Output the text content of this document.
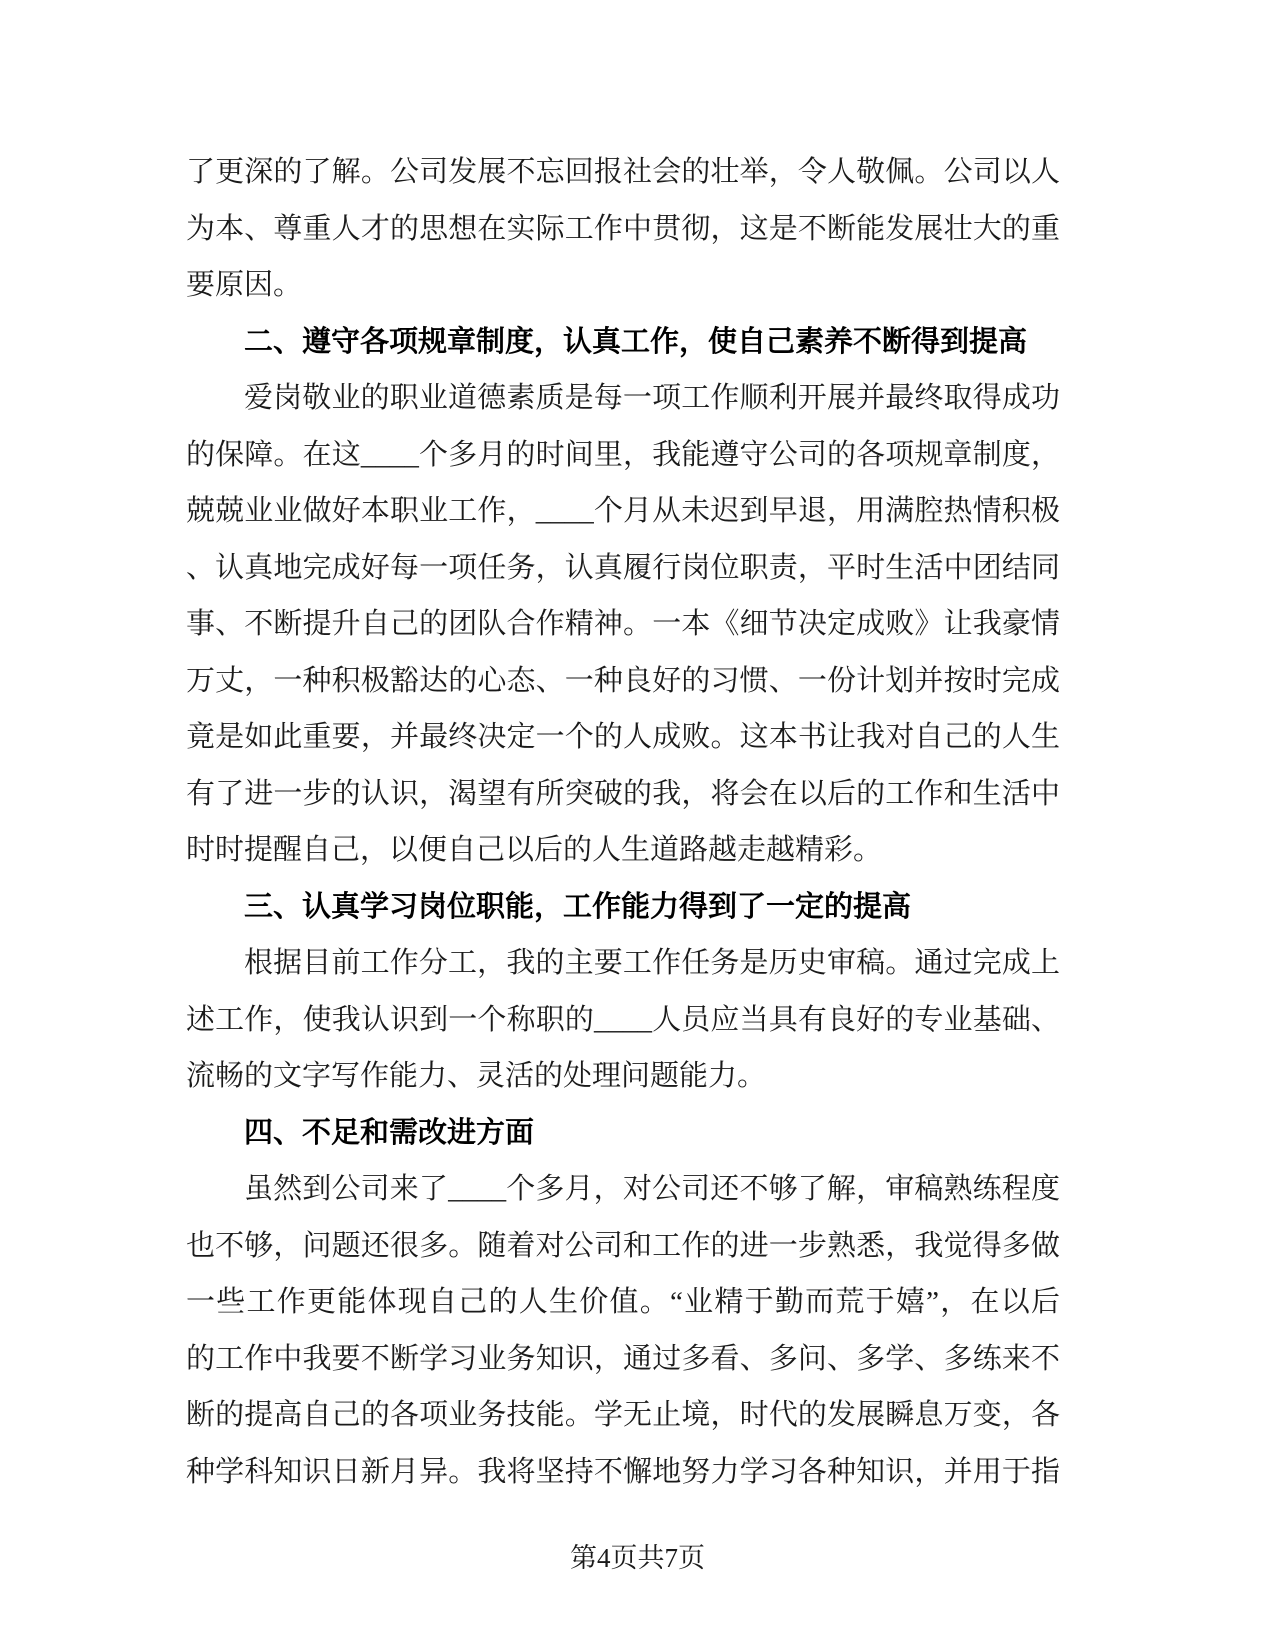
了更深的了解。公司发展不忘回报社会的壮举，令人敬佩。公司以人
为本、尊重人才的思想在实际工作中贯彻，这是不断能发展壮大的重
要原因。
二、遵守各项规章制度，认真工作，使自己素养不断得到提高
爱岗敬业的职业道德素质是每一项工作顺利开展并最终取得成功
的保障。在这____个多月的时间里，我能遵守公司的各项规章制度，
兢兢业业做好本职业工作，____个月从未迟到早退，用满腔热情积极
、认真地完成好每一项任务，认真履行岗位职责，平时生活中团结同
事、不断提升自己的团队合作精神。一本《细节决定成败》让我豪情
万丈，一种积极豁达的心态、一种良好的习惯、一份计划并按时完成
竟是如此重要，并最终决定一个的人成败。这本书让我对自己的人生
有了进一步的认识，渴望有所突破的我，将会在以后的工作和生活中
时时提醒自己，以便自己以后的人生道路越走越精彩。
三、认真学习岗位职能，工作能力得到了一定的提高
根据目前工作分工，我的主要工作任务是历史审稿。通过完成上
述工作，使我认识到一个称职的____人员应当具有良好的专业基础、
流畅的文字写作能力、灵活的处理问题能力。
四、不足和需改进方面
虽然到公司来了____个多月，对公司还不够了解，审稿熟练程度
也不够，问题还很多。随着对公司和工作的进一步熟悉，我觉得多做
一些工作更能体现自己的人生价值。“业精于勤而荒于嬉”，在以后
的工作中我要不断学习业务知识，通过多看、多问、多学、多练来不
断的提高自己的各项业务技能。学无止境，时代的发展瞬息万变，各
种学科知识日新月异。我将坚持不懈地努力学习各种知识，并用于指
第4页共7页
